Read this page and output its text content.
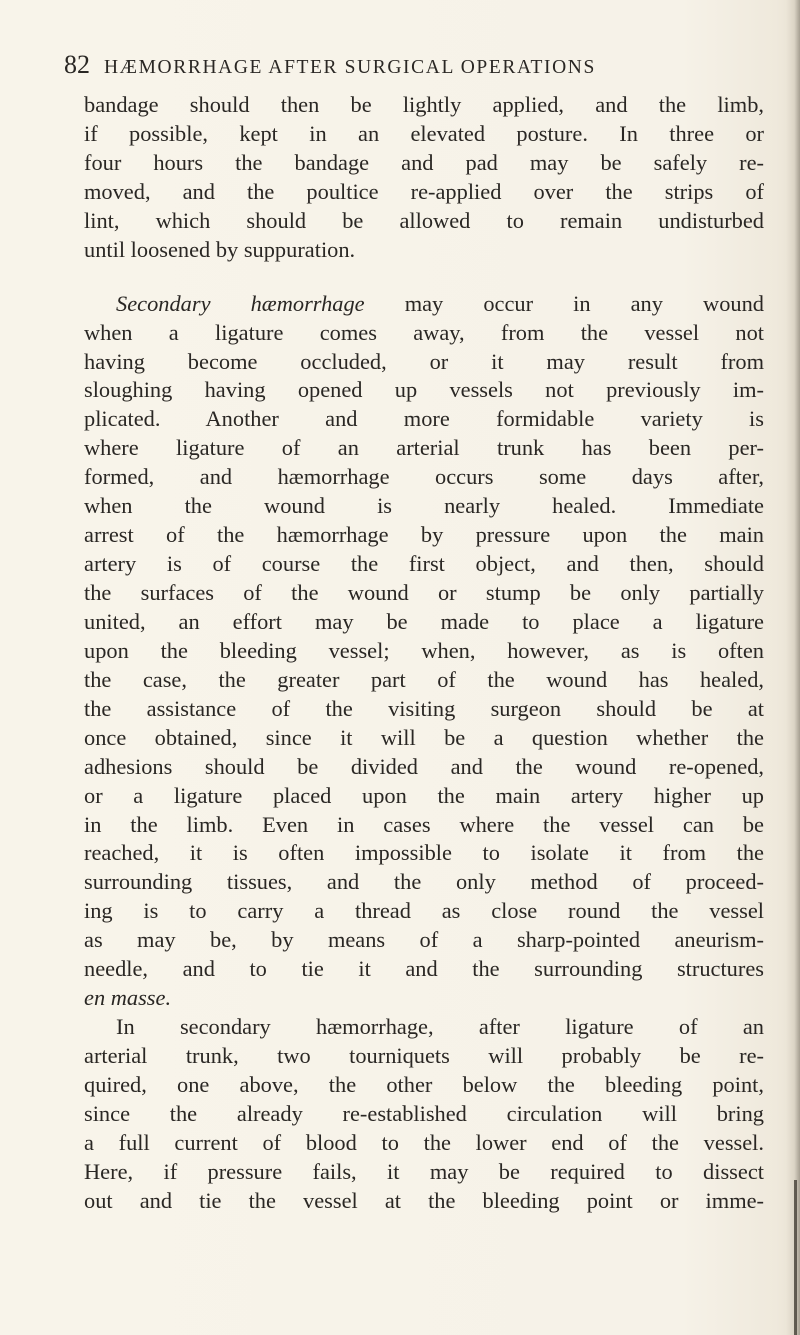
82 HÆMORRHAGE AFTER SURGICAL OPERATIONS
bandage should then be lightly applied, and the limb,
if possible, kept in an elevated posture. In three or
four hours the bandage and pad may be safely re-
moved, and the poultice re-applied over the strips of
lint, which should be allowed to remain undisturbed
until loosened by suppuration.
Secondary hæmorrhage may occur in any wound
when a ligature comes away, from the vessel not
having become occluded, or it may result from
sloughing having opened up vessels not previously im-
plicated. Another and more formidable variety is
where ligature of an arterial trunk has been per-
formed, and hæmorrhage occurs some days after,
when the wound is nearly healed. Immediate
arrest of the hæmorrhage by pressure upon the main
artery is of course the first object, and then, should
the surfaces of the wound or stump be only partially
united, an effort may be made to place a ligature
upon the bleeding vessel; when, however, as is often
the case, the greater part of the wound has healed,
the assistance of the visiting surgeon should be at
once obtained, since it will be a question whether the
adhesions should be divided and the wound re-opened,
or a ligature placed upon the main artery higher up
in the limb. Even in cases where the vessel can be
reached, it is often impossible to isolate it from the
surrounding tissues, and the only method of proceed-
ing is to carry a thread as close round the vessel
as may be, by means of a sharp-pointed aneurism-
needle, and to tie it and the surrounding structures
en masse.
In secondary hæmorrhage, after ligature of an
arterial trunk, two tourniquets will probably be re-
quired, one above, the other below the bleeding point,
since the already re-established circulation will bring
a full current of blood to the lower end of the vessel.
Here, if pressure fails, it may be required to dissect
out and tie the vessel at the bleeding point or imme-
